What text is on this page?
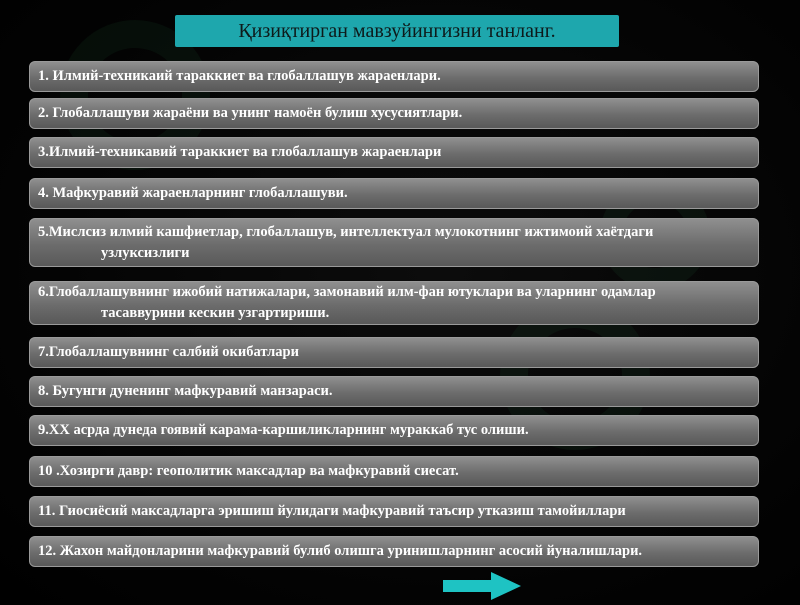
Қизиқтирган мавзуйингизни танланг.
1. Илмий-техникаий тараккиет ва глобаллашув жараенлари.
2. Глобаллашуви жараёни ва унинг намоён булиш хусусиятлари.
3.Илмий-техникавий тараккиет ва глобаллашув жараенлари
4. Мафкуравий жараенларнинг глобаллашуви.
5.Мислсиз илмий кашфиетлар, глобаллашув, интеллектуал мулокотнинг ижтимоий хаётдаги
узлуксизлиги
6.Глобаллашувнинг ижобий натижалари, замонавий илм-фан ютуклари ва уларнинг одамлар
тасаввурини кескин узгартириши.
7.Глобаллашувнинг салбий окибатлари
8. Бугунги дуненинг мафкуравий манзараси.
9.ХХ асрда дунеда гоявий карама-каршиликларнинг мураккаб тус олиши.
10 .Хозирги давр: геополитик максадлар ва мафкуравий сиесат.
11. Гиосиёсий максадларга эришиш йулидаги мафкуравий таъсир утказиш тамойиллари
12. Жахон майдонларини мафкуравий булиб олишга уринишларнинг асосий йуналишлари.
